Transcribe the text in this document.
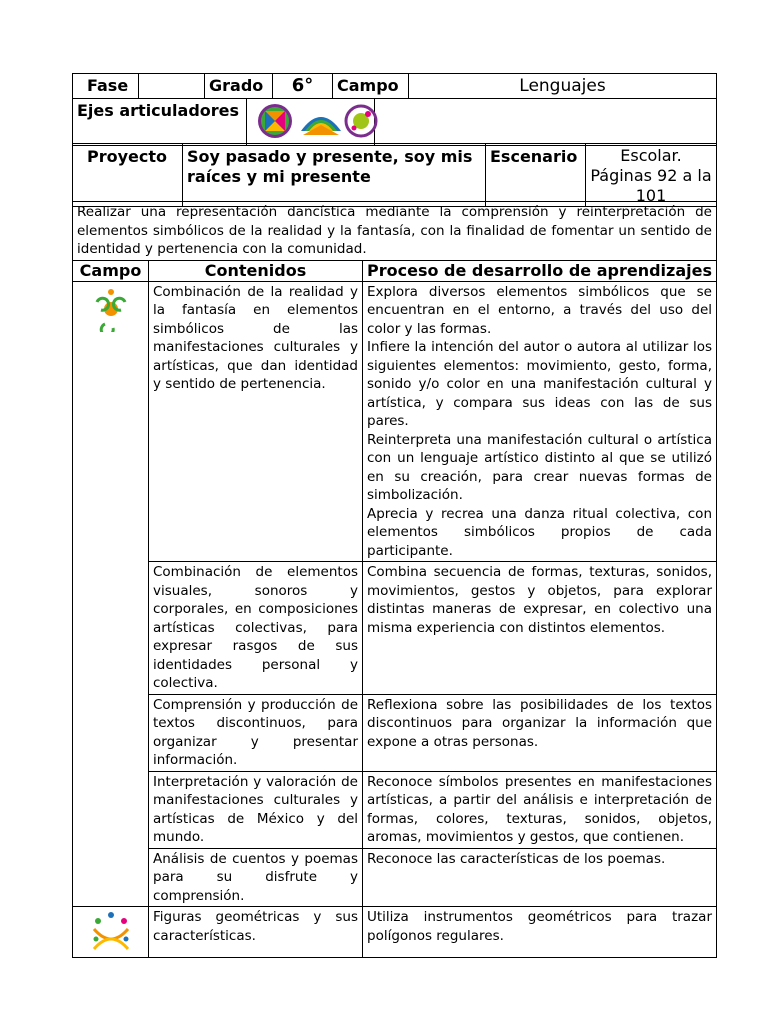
Fase		Grado	6°	Campo	Lenguajes
Ejes articuladores	

Proyecto	Soy pasado y presente, soy mis raíces y mi presente	Escenario	Escolar. Páginas 92 a la 101
Realizar una representación dancística mediante la comprensión y reinterpretación de elementos simbólicos de la realidad y la fantasía, con la finalidad de fomentar un sentido de identidad y pertenencia con la comunidad.		
Campo	Contenidos	Proceso de desarrollo de aprendizajes

	Combinación de la realidad y la fantasía en elementos simbólicos de las manifestaciones culturales y artísticas, que dan identidad y sentido de pertenencia.	Explora diversos elementos simbólicos que se encuentran en el entorno, a través del uso del color y las formas.
Infiere la intención del autor o autora al utilizar los siguientes elementos: movimiento, gesto, forma, sonido y/o color en una manifestación cultural y artística, y compara sus ideas con las de sus pares.
Reinterpreta una manifestación cultural o artística con un lenguaje artístico distinto al que se utilizó en su creación, para crear nuevas formas de simbolización.
Aprecia y recrea una danza ritual colectiva, con elementos simbólicos propios de cada participante.
	Combinación de elementos visuales, sonoros y corporales, en composiciones artísticas colectivas, para expresar rasgos de sus identidades personal y colectiva.	Combina secuencia de formas, texturas, sonidos, movimientos, gestos y objetos, para explorar distintas maneras de expresar, en colectivo una misma experiencia con distintos elementos.
	Comprensión y producción de textos discontinuos, para organizar y presentar información.	Reflexiona sobre las posibilidades de los textos discontinuos para organizar la información que expone a otras personas.
	Interpretación y valoración de manifestaciones culturales y artísticas de México y del mundo.	Reconoce símbolos presentes en manifestaciones artísticas, a partir del análisis e interpretación de formas, colores, texturas, sonidos, objetos, aromas, movimientos y gestos, que contienen.
	Análisis de cuentos y poemas para su disfrute y comprensión.	Reconoce las características de los poemas.

	Figuras geométricas y sus características.	Utiliza instrumentos geométricos para trazar polígonos regulares.
